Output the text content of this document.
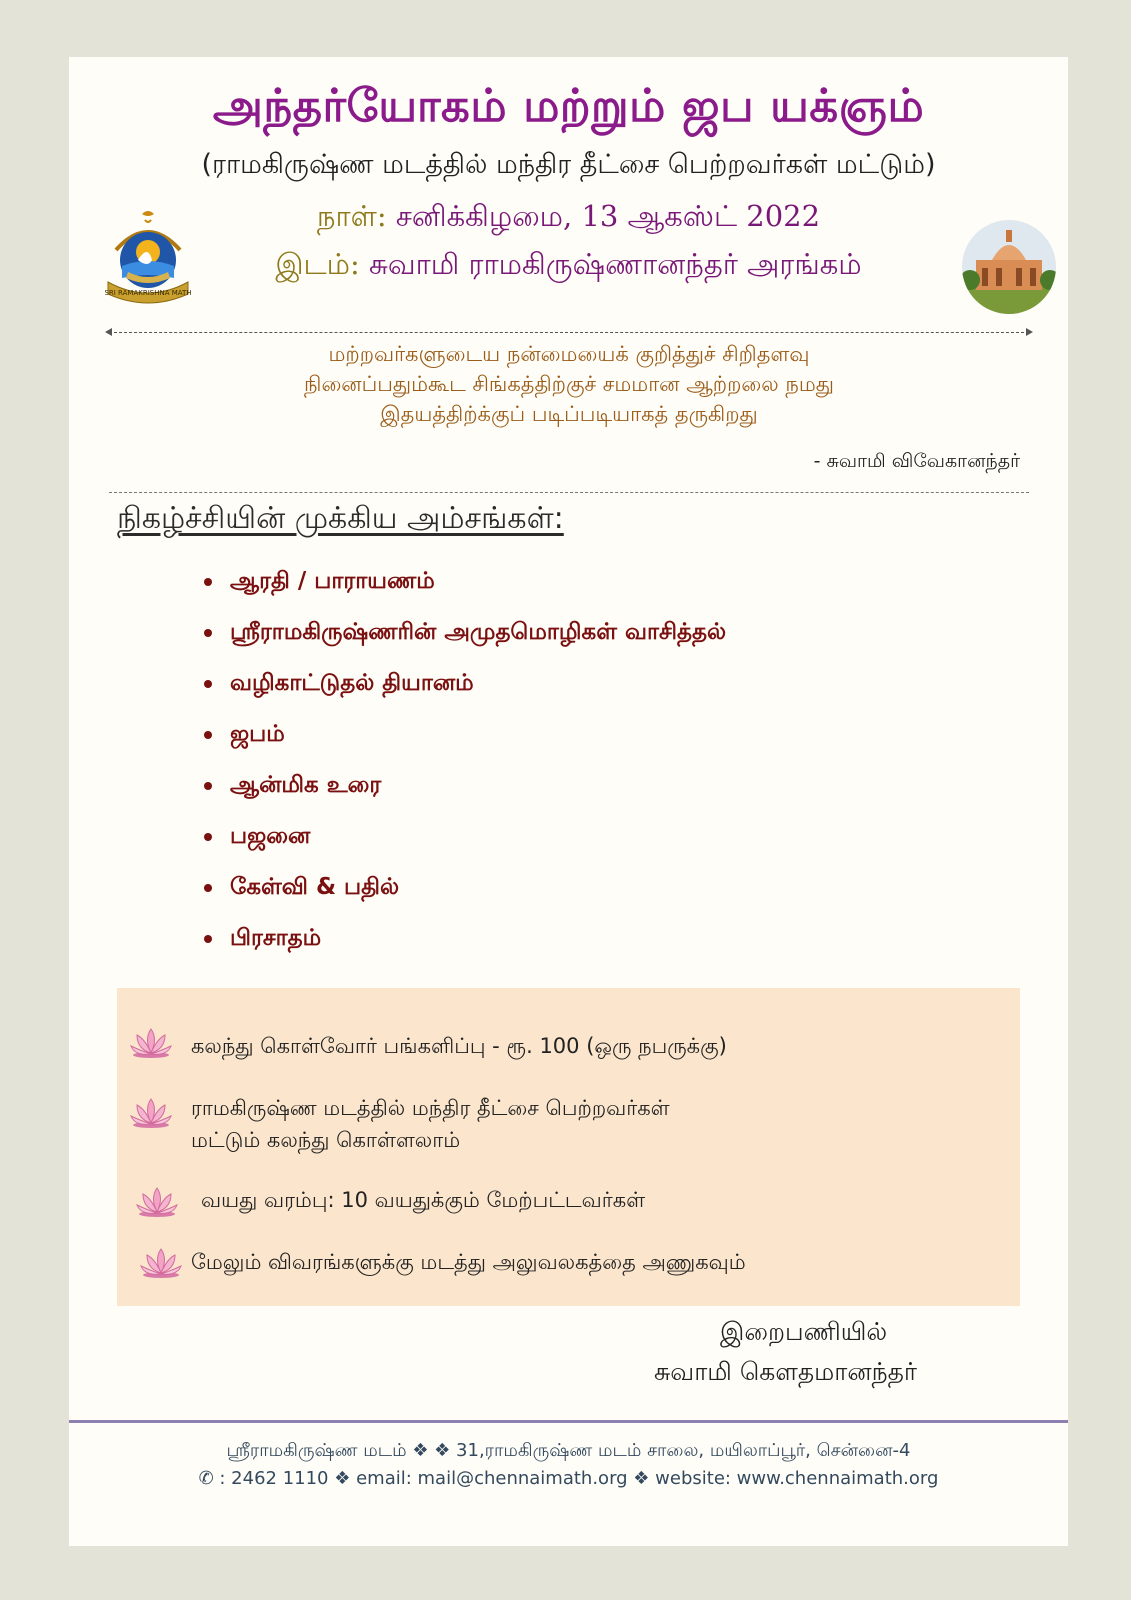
அந்தர்யோகம் மற்றும் ஜப யக்ஞம்
(ராமகிருஷ்ண மடத்தில் மந்திர தீட்சை பெற்றவர்கள் மட்டும்)
நாள்: சனிக்கிழமை, 13 ஆகஸ்ட் 2022
இடம்: சுவாமி ராமகிருஷ்ணானந்தர் அரங்கம்
SRI RAMAKRISHNA MATH
மற்றவர்களுடைய நன்மையைக் குறித்துச் சிறிதளவு
நினைப்பதும்கூட சிங்கத்திற்குச் சமமான ஆற்றலை நமது
இதயத்திற்க்குப் படிப்படியாகத் தருகிறது
- சுவாமி விவேகானந்தர்
நிகழ்ச்சியின் முக்கிய அம்சங்கள்:
ஆரதி / பாராயணம்
ஸ்ரீராமகிருஷ்ணரின் அமுதமொழிகள் வாசித்தல்
வழிகாட்டுதல் தியானம்
ஜபம்
ஆன்மிக உரை
பஜனை
கேள்வி & பதில்
பிரசாதம்
கலந்து கொள்வோர் பங்களிப்பு - ரூ. 100 (ஒரு நபருக்கு)
ராமகிருஷ்ண மடத்தில் மந்திர தீட்சை பெற்றவர்கள்
மட்டும் கலந்து கொள்ளலாம்
வயது வரம்பு: 10 வயதுக்கும் மேற்பட்டவர்கள்
மேலும் விவரங்களுக்கு மடத்து அலுவலகத்தை அணுகவும்
இறைபணியில்
சுவாமி கௌதமானந்தர்
ஸ்ரீராமகிருஷ்ண மடம் ❖ ❖ 31,ராமகிருஷ்ண மடம் சாலை, மயிலாப்பூர், சென்னை-4
✆ : 2462 1110 ❖ email: mail@chennaimath.org ❖ website: www.chennaimath.org
